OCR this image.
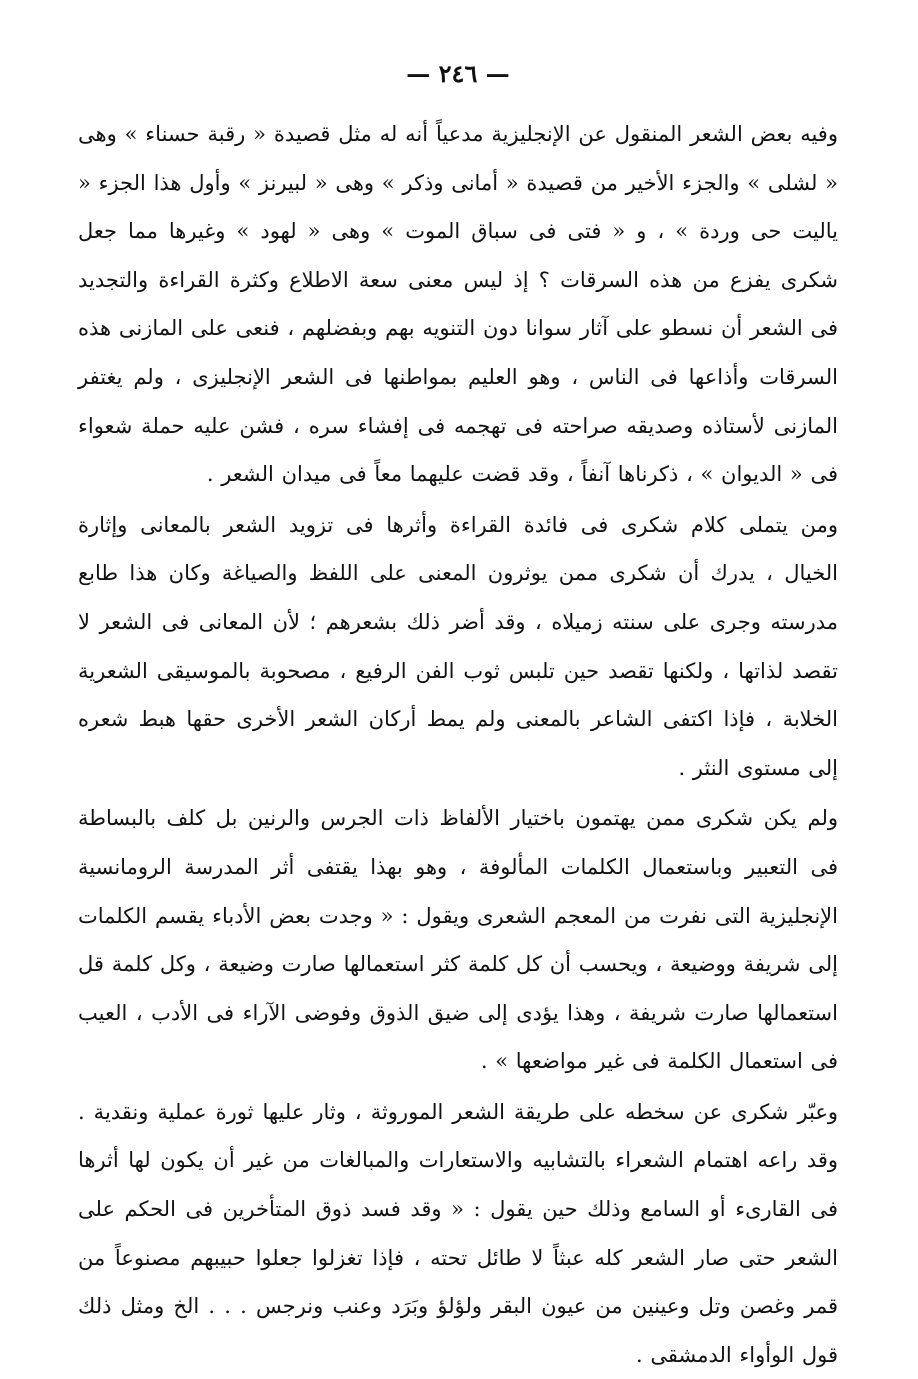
— ٢٤٦ —

وفيه بعض الشعر المنقول عن الإنجليزية مدعياً أنه له مثل قصيدة « رقبة حسناء » وهى « لشلى » والجزء الأخير من قصيدة « أمانى وذكر » وهى « لبيرنز » وأول هذا الجزء « ياليت حى وردة » ، و « فتى فى سباق الموت » وهى « لهود » وغيرها مما جعل شكرى يفزع من هذه السرقات ؟ إذ ليس معنى سعة الاطلاع وكثرة القراءة والتجديد فى الشعر أن نسطو على آثار سوانا دون التنويه بهم وبفضلهم ، فنعى على المازنى هذه السرقات وأذاعها فى الناس ، وهو العليم بمواطنها فى الشعر الإنجليزى ، ولم يغتفر المازنى لأستاذه وصديقه صراحته فى تهجمه فى إفشاء سره ، فشن عليه حملة شعواء فى « الديوان » ، ذكرناها آنفاً ، وقد قضت عليهما معاً فى ميدان الشعر .

ومن يتملى كلام شكرى فى فائدة القراءة وأثرها فى تزويد الشعر بالمعانى وإثارة الخيال ، يدرك أن شكرى ممن يوثرون المعنى على اللفظ والصياغة وكان هذا طابع مدرسته وجرى على سنته زميلاه ، وقد أضر ذلك بشعرهم ؛ لأن المعانى فى الشعر لا تقصد لذاتها ، ولكنها تقصد حين تلبس ثوب الفن الرفيع ، مصحوبة بالموسيقى الشعرية الخلابة ، فإذا اكتفى الشاعر بالمعنى ولم يمط أركان الشعر الأخرى حقها هبط شعره إلى مستوى النثر .

ولم يكن شكرى ممن يهتمون باختيار الألفاظ ذات الجرس والرنين بل كلف بالبساطة فى التعبير وباستعمال الكلمات المألوفة ، وهو بهذا يقتفى أثر المدرسة الرومانسية الإنجليزية التى نفرت من المعجم الشعرى ويقول : « وجدت بعض الأدباء يقسم الكلمات إلى شريفة ووضيعة ، ويحسب أن كل كلمة كثر استعمالها صارت وضيعة ، وكل كلمة قل استعمالها صارت شريفة ، وهذا يؤدى إلى ضيق الذوق وفوضى الآراء فى الأدب ، العيب فى استعمال الكلمة فى غير مواضعها » .

وعبّر شكرى عن سخطه على طريقة الشعر الموروثة ، وثار عليها ثورة عملية ونقدية . وقد راعه اهتمام الشعراء بالتشابيه والاستعارات والمبالغات من غير أن يكون لها أثرها فى القارىء أو السامع وذلك حين يقول : « وقد فسد ذوق المتأخرين فى الحكم على الشعر حتى صار الشعر كله عبثاً لا طائل تحته ، فإذا تغزلوا جعلوا حبيبهم مصنوعاً من قمر وغصن وتل وعينين من عيون البقر ولؤلؤ وبَرَد وعنب ونرجس . . . الخ ومثل ذلك قول الوأواء الدمشقى .
